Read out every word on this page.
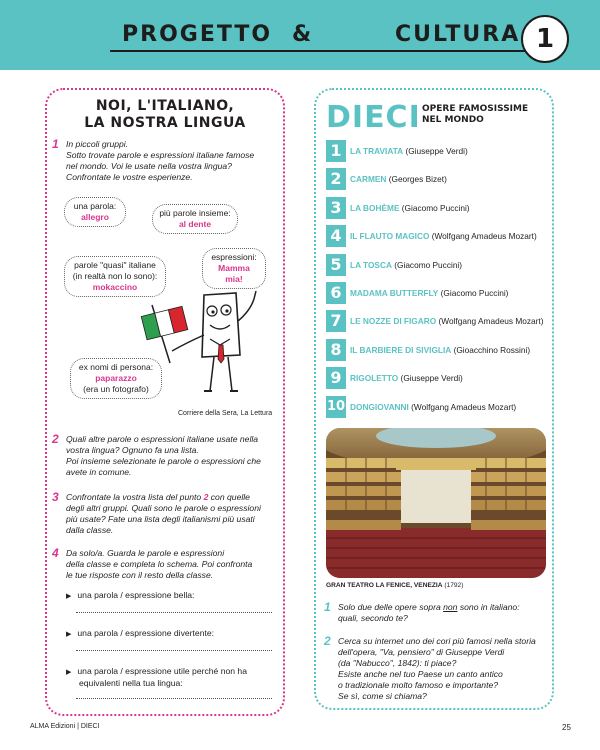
PROGETTO &	CULTURA 1
NOI, L'ITALIANO,
LA NOSTRA LINGUA
1 In piccoli gruppi.
Sotto trovate parole e espressioni italiane famose
nel mondo. Voi le usate nella vostra lingua?
Confrontate le vostre esperienze.
una parola:
allegro	più parole insieme:
al dente
espressioni:
Mamma mia!
parole "quasi" italiane
(in realtà non lo sono):
mokaccino
ex nomi di persona:
paparazzo
(era un fotografo)
Corriere della Sera, La Lettura
2 Quali altre parole o espressioni italiane usate nella
vostra lingua? Ognuno fa una lista.
Poi insieme selezionate le parole o espressioni che
avete in comune.
3 Confrontate la vostra lista del punto 2 con quelle
degli altri gruppi. Quali sono le parole o espressioni
più usate? Fate una lista degli italianismi più usati
dalla classe.
4 Da solo/a. Guarda le parole e espressioni
della classe e completa lo schema. Poi confronta
le tue risposte con il resto della classe.
▶ una parola / espressione bella:
▶ una parola / espressione divertente:
▶ una parola / espressione utile perché non ha
equivalenti nella tua lingua:
DIECI OPERE FAMOSISSIME
NEL MONDO
1	LA TRAVIATA (Giuseppe Verdi)
2	CARMEN (Georges Bizet)
3	LA BOHÈME (Giacomo Puccini)
4	IL FLAUTO MAGICO (Wolfgang Amadeus Mozart)
5	LA TOSCA (Giacomo Puccini)
6	MADAMA BUTTERFLY (Giacomo Puccini)
7	LE NOZZE DI FIGARO (Wolfgang Amadeus Mozart)
8	IL BARBIERE DI SIVIGLIA (Gioacchino Rossini)
9	RIGOLETTO (Giuseppe Verdi)
10 DONGIOVANNI (Wolfgang Amadeus Mozart)
GRAN TEATRO LA FENICE, VENEZIA (1792)
1 Solo due delle opere sopra non sono in italiano:
quali, secondo te?
2 Cerca su internet uno dei cori più famosi nella storia
dell'opera, "Va, pensiero" di Giuseppe Verdi
(da "Nabucco", 1842): ti piace?
Esiste anche nel tuo Paese un canto antico
o tradizionale molto famoso e importante?
Se sì, come si chiama?
ALMA Edizioni | DIECI	25
